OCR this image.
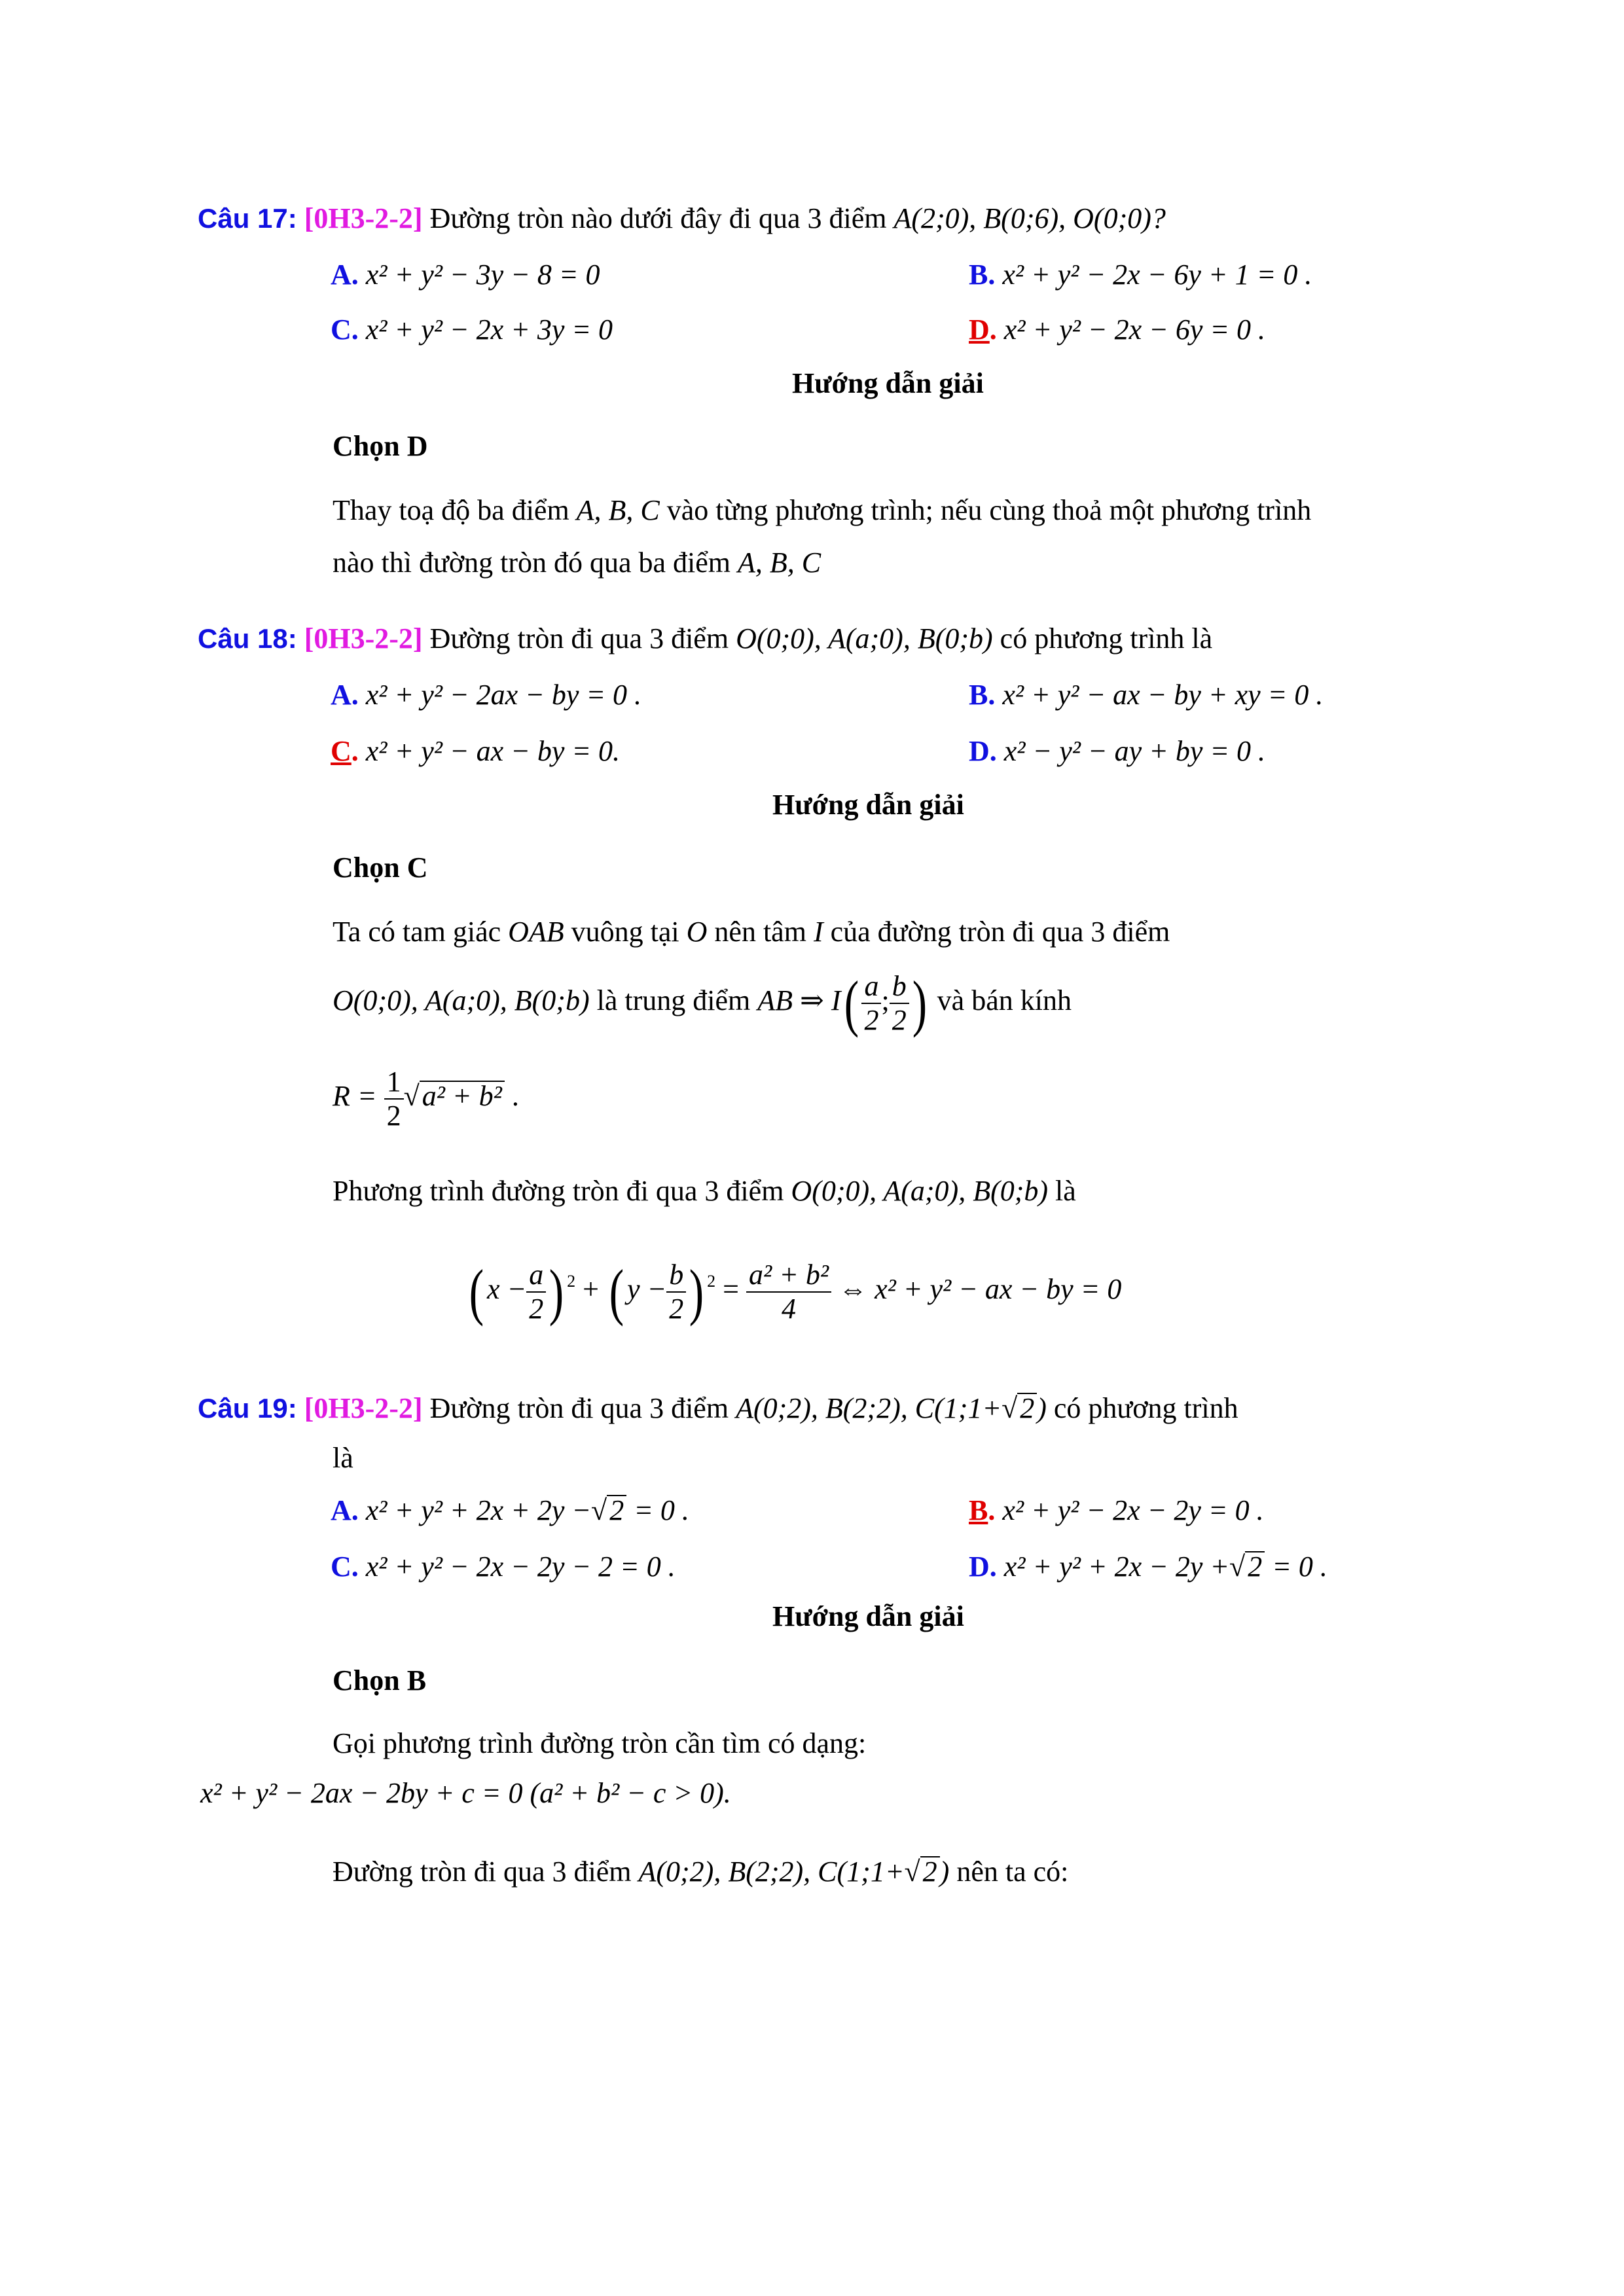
Câu 17: [0H3-2-2] Đường tròn nào dưới đây đi qua 3 điểm A(2;0), B(0;6), O(0;0)?
A. x² + y² − 3y − 8 = 0	B. x² + y² − 2x − 6y + 1 = 0 .
C. x² + y² − 2x + 3y = 0	D. x² + y² − 2x − 6y = 0 .
Hướng dẫn giải
Chọn D
Thay toạ độ ba điểm A, B, C vào từng phương trình; nếu cùng thoả một phương trình
nào thì đường tròn đó qua ba điểm A, B, C
Câu 18: [0H3-2-2] Đường tròn đi qua 3 điểm O(0;0), A(a;0), B(0;b) có phương trình là
A. x² + y² − 2ax − by = 0 .	B. x² + y² − ax − by + xy = 0 .
C. x² + y² − ax − by = 0.	D. x² − y² − ay + by = 0 .
Hướng dẫn giải
Chọn C
Ta có tam giác OAB vuông tại O nên tâm I của đường tròn đi qua 3 điểm
O(0;0), A(a;0), B(0;b) là trung điểm AB ⇒ $I( \frac{a}{2}$ ; $\frac{b}{2}$ ) và bán kính
$R = \frac{1}{2} √a^2 + b^2$ .
Phương trình đường tròn đi qua 3 điểm O(0;0), A(a;0), B(0;b) là
( $x - \frac{a}{2}$ ) $^2$ + ( $y - \frac{b}{2}$ ) $^2 = \frac{\text{a² + b²}}{4}$ ⇔ x² + y² − ax − by = 0
Câu 19: [0H3-2-2] Đường tròn đi qua 3 điểm A(0;2), B(2;2), C(1;1+√2) có phương trình
là
A. x² + y² + 2x + 2y −√2 = 0 .	B. x² + y² − 2x − 2y = 0 .
C. x² + y² − 2x − 2y − 2 = 0 .	D. x² + y² + 2x − 2y +√2 = 0 .
Hướng dẫn giải
Chọn B
Gọi phương trình đường tròn cần tìm có dạng:
x² + y² − 2ax − 2by + c = 0 (a² + b² − c > 0).
Đường tròn đi qua 3 điểm A(0;2), B(2;2), C(1;1+√2) nên ta có:
